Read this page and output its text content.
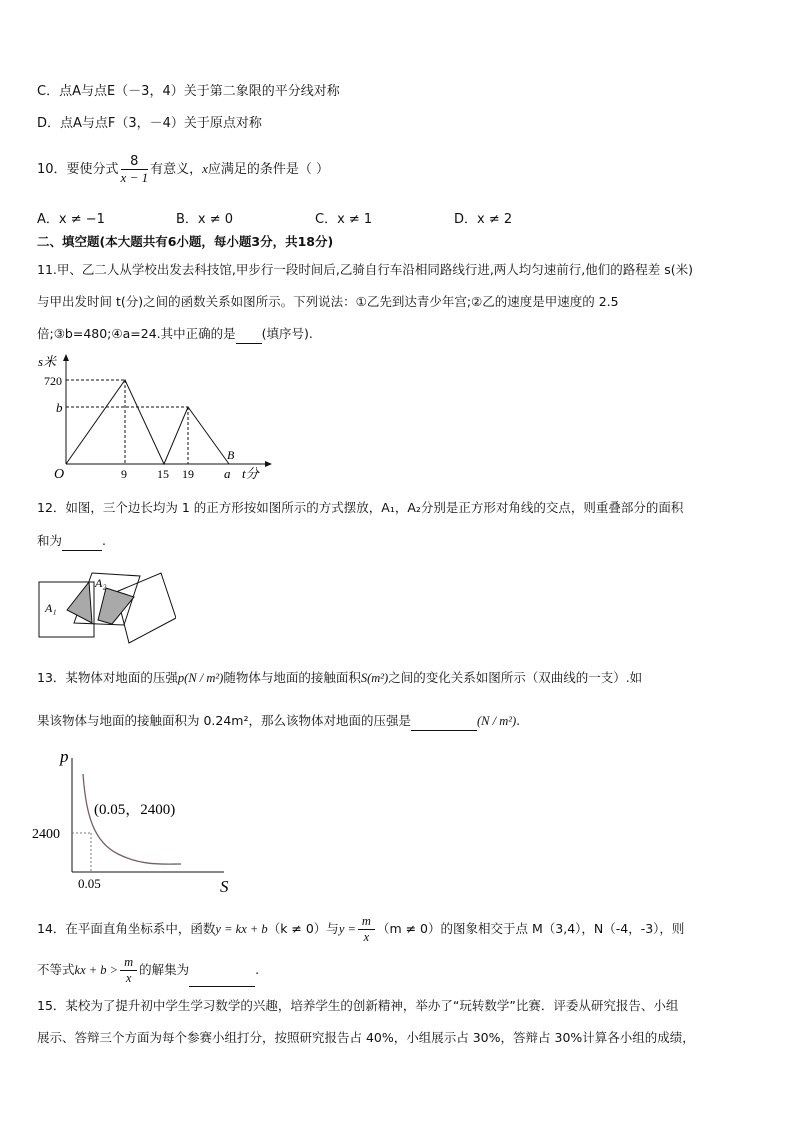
C．点A与点E（－3，4）关于第二象限的平分线对称
D．点A与点F（3，－4）关于原点对称
10．要使分式 $\frac{8}{x - 1}$ 有意义，x应满足的条件是（ ）
A．x ≠ −1	B．x ≠ 0	C．x ≠ 1	D．x ≠ 2
二、填空题(本大题共有6小题，每小题3分，共18分)
11.甲、乙二人从学校出发去科技馆,甲步行一段时间后,乙骑自行车沿相同路线行进,两人均匀速前行,他们的路程差 s(米)
与甲出发时间 t(分)之间的函数关系如图所示。下列说法：①乙先到达青少年宫;②乙的速度是甲速度的 2.5
倍;③b=480;④a=24.其中正确的是 (填序号).
s米
720
b
O	9	15 19 a
B
t分
12．如图，三个边长均为 1 的正方形按如图所示的方式摆放，A₁，A₂分别是正方形对角线的交点，则重叠部分的面积
和为	.
A₁
A₂
13．某物体对地面的压强p(N / m²)随物体与地面的接触面积S(m²)之间的变化关系如图所示（双曲线的一支）.如
果该物体与地面的接触面积为 0.24m²，那么该物体对地面的压强是	(N / m²).
p
(0.05，2400)
2400
0.05	S
14．在平面直角坐标系中，函数y = kx + b（k ≠ 0）与$y = \frac{m}{x} (m \ne 0)$的图象相交于点 M（3,4），N（-4，-3），则
不等式kx + $b > \frac{m}{x}$ 的解集为	.
15．某校为了提升初中学生学习数学的兴趣，培养学生的创新精神，举办了“玩转数学”比赛．评委从研究报告、小组
展示、答辩三个方面为每个参赛小组打分，按照研究报告占 40%，小组展示占 30%，答辩占 30%计算各小组的成绩，
